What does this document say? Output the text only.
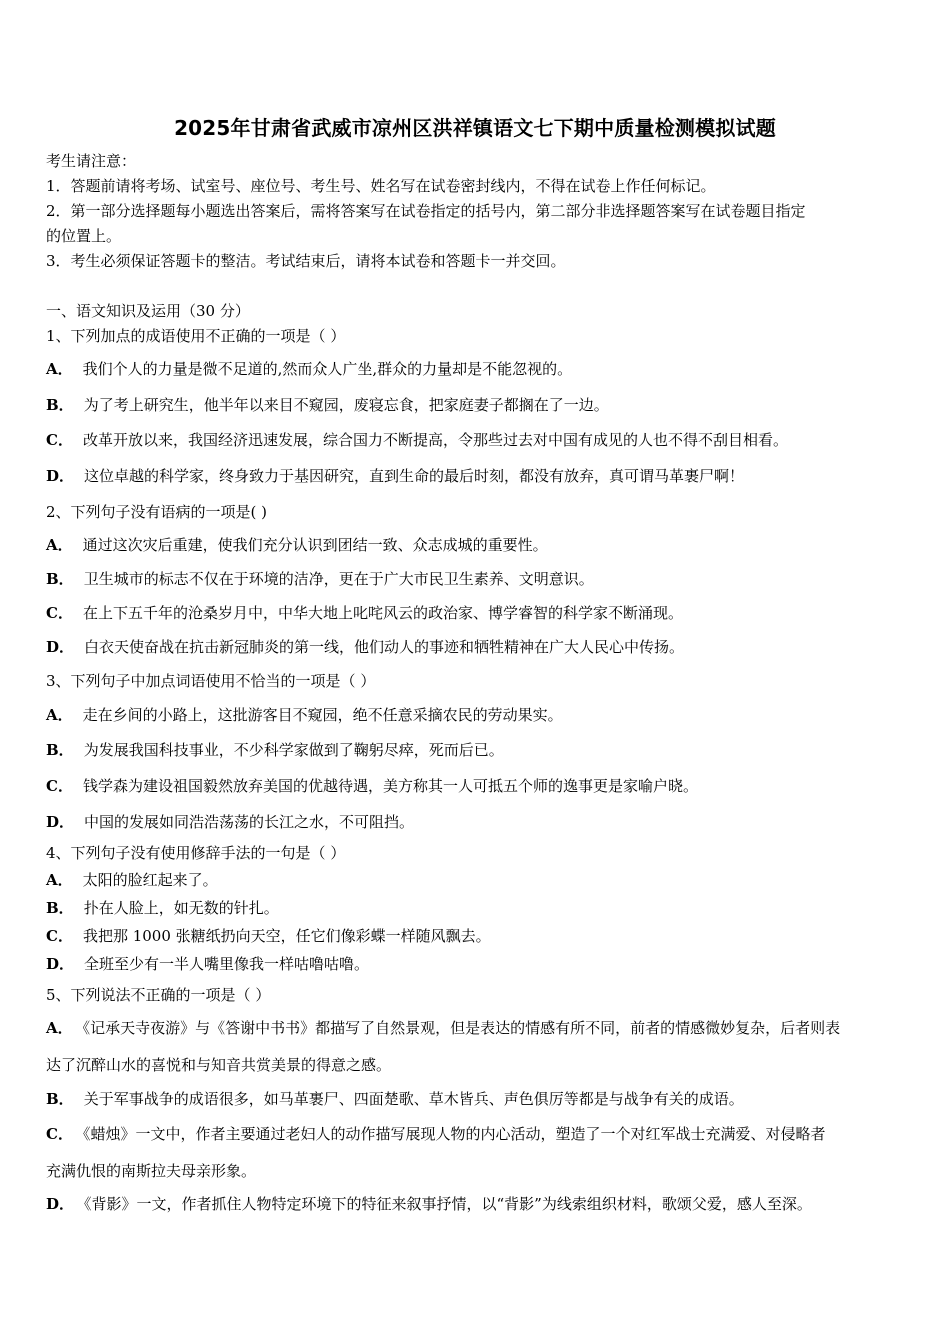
2025年甘肃省武威市凉州区洪祥镇语文七下期中质量检测模拟试题
考生请注意：
1．答题前请将考场、试室号、座位号、考生号、姓名写在试卷密封线内，不得在试卷上作任何标记。
2．第一部分选择题每小题选出答案后，需将答案写在试卷指定的括号内，第二部分非选择题答案写在试卷题目指定
的位置上。
3．考生必须保证答题卡的整洁。考试结束后，请将本试卷和答题卡一并交回。
一、语文知识及运用（30 分）
1、下列加点的成语使用不正确的一项是（ ）
A． 我们个人的力量是微不足道的,然而众人广坐,群众的力量却是不能忽视的。
B． 为了考上研究生，他半年以来目不窥园，废寝忘食，把家庭妻子都搁在了一边。
C． 改革开放以来，我国经济迅速发展，综合国力不断提高，令那些过去对中国有成见的人也不得不刮目相看。
D． 这位卓越的科学家，终身致力于基因研究，直到生命的最后时刻，都没有放弃，真可谓马革裹尸啊！
2、下列句子没有语病的一项是( )
A． 通过这次灾后重建，使我们充分认识到团结一致、众志成城的重要性。
B． 卫生城市的标志不仅在于环境的洁净，更在于广大市民卫生素养、文明意识。
C． 在上下五千年的沧桑岁月中，中华大地上叱咤风云的政治家、博学睿智的科学家不断涌现。
D． 白衣天使奋战在抗击新冠肺炎的第一线，他们动人的事迹和牺牲精神在广大人民心中传扬。
3、下列句子中加点词语使用不恰当的一项是（ ）
A． 走在乡间的小路上，这批游客目不窥园，绝不任意采摘农民的劳动果实。
B． 为发展我国科技事业，不少科学家做到了鞠躬尽瘁，死而后已。
C． 钱学森为建设祖国毅然放弃美国的优越待遇，美方称其一人可抵五个师的逸事更是家喻户晓。
D． 中国的发展如同浩浩荡荡的长江之水，不可阻挡。
4、下列句子没有使用修辞手法的一句是（ ）
A． 太阳的脸红起来了。
B． 扑在人脸上，如无数的针扎。
C． 我把那 1000 张糖纸扔向天空，任它们像彩蝶一样随风飘去。
D． 全班至少有一半人嘴里像我一样咕噜咕噜。
5、下列说法不正确的一项是（ ）
A． 《记承天寺夜游》与《答谢中书书》都描写了自然景观，但是表达的情感有所不同，前者的情感微妙复杂，后者则表
达了沉醉山水的喜悦和与知音共赏美景的得意之感。
B． 关于军事战争的成语很多，如马革裹尸、四面楚歌、草木皆兵、声色俱厉等都是与战争有关的成语。
C． 《蜡烛》一文中，作者主要通过老妇人的动作描写展现人物的内心活动，塑造了一个对红军战士充满爱、对侵略者
充满仇恨的南斯拉夫母亲形象。
D． 《背影》一文，作者抓住人物特定环境下的特征来叙事抒情，以“背影”为线索组织材料，歌颂父爱，感人至深。
